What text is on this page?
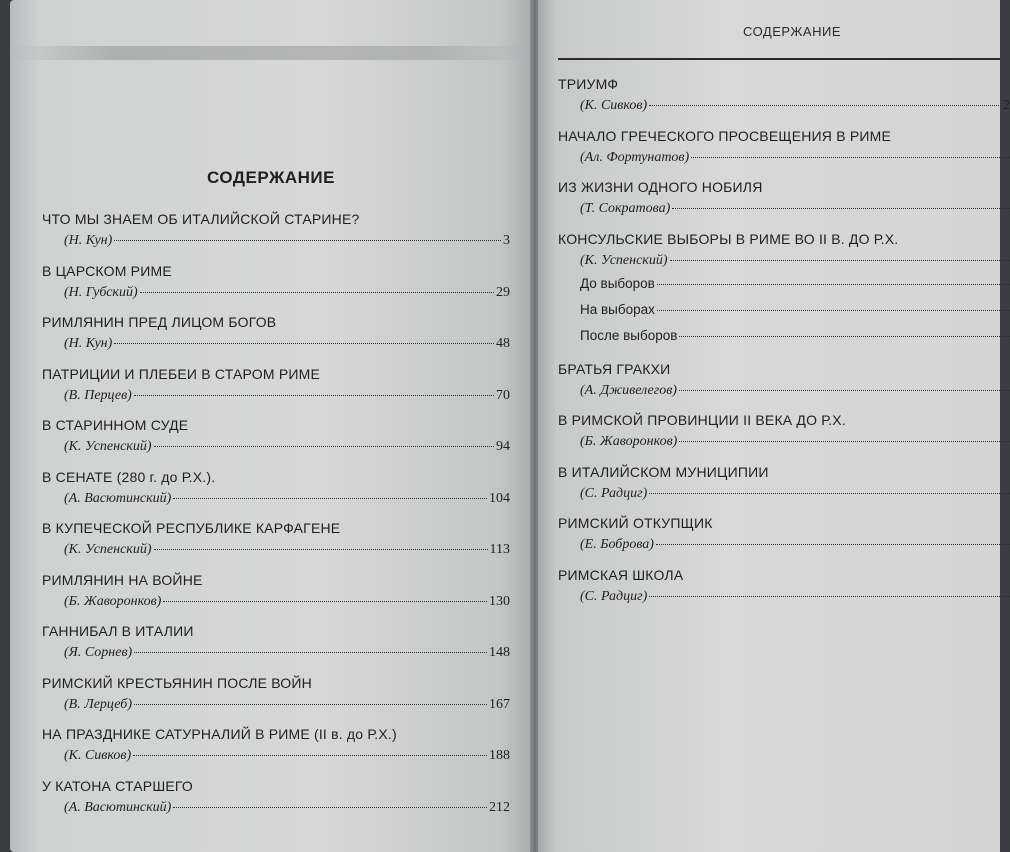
СОДЕРЖАНИЕ
ЧТО МЫ ЗНАЕМ ОБ ИТАЛИЙСКОЙ СТАРИНЕ?
(Н. Кун)	3
В ЦАРСКОМ РИМЕ
(Н. Губский)	29
РИМЛЯНИН ПРЕД ЛИЦОМ БОГОВ
(Н. Кун)	48
ПАТРИЦИИ И ПЛЕБЕИ В СТАРОМ РИМЕ
(В. Перцев)	70
В СТАРИННОМ СУДЕ
(К. Успенский)	94
В СЕНАТЕ (280 г. до Р.Х.).
(А. Васютинский)	104
В КУПЕЧЕСКОЙ РЕСПУБЛИКЕ КАРФАГЕНЕ
(К. Успенский)	113
РИМЛЯНИН НА ВОЙНЕ
(Б. Жаворонков)	130
ГАННИБАЛ В ИТАЛИИ
(Я. Сорнев)	148
РИМСКИЙ КРЕСТЬЯНИН ПОСЛЕ ВОЙН
(В. Лерцеб)	167
НА ПРАЗДНИКЕ САТУРНАЛИЙ В РИМЕ (II в. до Р.Х.)
(К. Сивков)	188
У КАТОНА СТАРШЕГО
(А. Васютинский)	212
СОДЕРЖАНИЕ
ТРИУМФ
(К. Сивков)	2
НАЧАЛО ГРЕЧЕСКОГО ПРОСВЕЩЕНИЯ В РИМЕ
(Ал. Фортунатов)
ИЗ ЖИЗНИ ОДНОГО НОБИЛЯ
(Т. Сократова)
КОНСУЛЬСКИЕ ВЫБОРЫ В РИМЕ ВО II В. ДО Р.Х.
(К. Успенский)
До выборов
На выборах
После выборов
БРАТЬЯ ГРАКХИ
(А. Дживелегов)
В РИМСКОЙ ПРОВИНЦИИ II ВЕКА ДО Р.Х.
(Б. Жаворонков)
В ИТАЛИЙСКОМ МУНИЦИПИИ
(С. Радциг)
РИМСКИЙ ОТКУПЩИК
(Е. Боброва)
РИМСКАЯ ШКОЛА
(С. Радциг)
